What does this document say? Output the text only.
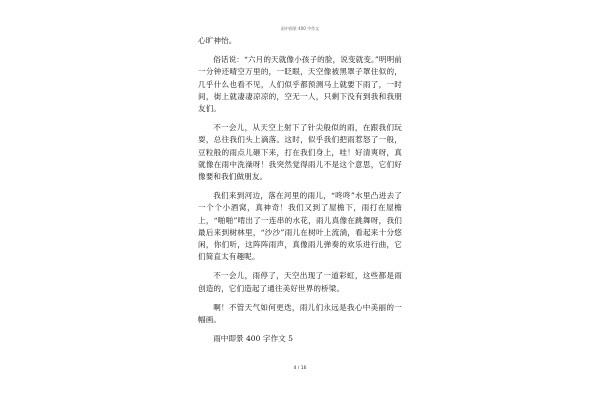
雨中即景 400 字作文

心旷神怡。

俗话说：“六月的天就像小孩子的脸，说变就变。”明明前一分钟还晴空万里的，一眨眼，天空像被黑罩子罩住似的，几乎什么也看不见，人们似乎都预测马上就要下雨了，一时间，街上就凄凄凉凉的，空无一人，只剩下没有到我和我朋友们。

不一会儿，从天空上射下了针尖般似的雨，在跟我们玩耍，总往我们头上滴落。这时，似乎我们把雨惹怒了一般，豆粒般的雨点儿砸下来，打在我们身上，哇！好清爽呀，真就像在雨中洗澡呀！我突然觉得雨儿不是这个意思，它们好像要和我们做朋友。

我们来到河边，落在河里的雨儿，“咚咚”水里凸进去了一个个小酒窝，真神奇！我们又到了屋檐下，雨打在屋檐上，“啪啪”啃出了一连串的水花，雨儿真像在跳舞呀，我们最后来到树林里，“沙沙”雨儿在树叶上流淌，看起来十分悠闲，你们听，这阵阵雨声，真像雨儿弹奏的欢乐进行曲，它们简直太有趣呢。

不一会儿，雨停了，天空出现了一道彩虹，这些都是雨创造的，它们造起了通往美好世界的桥梁。

啊！不管天气如何更迭，雨儿们永远是我心中美丽的一幅画。

雨中即景 400 字作文 5

4 / 16
